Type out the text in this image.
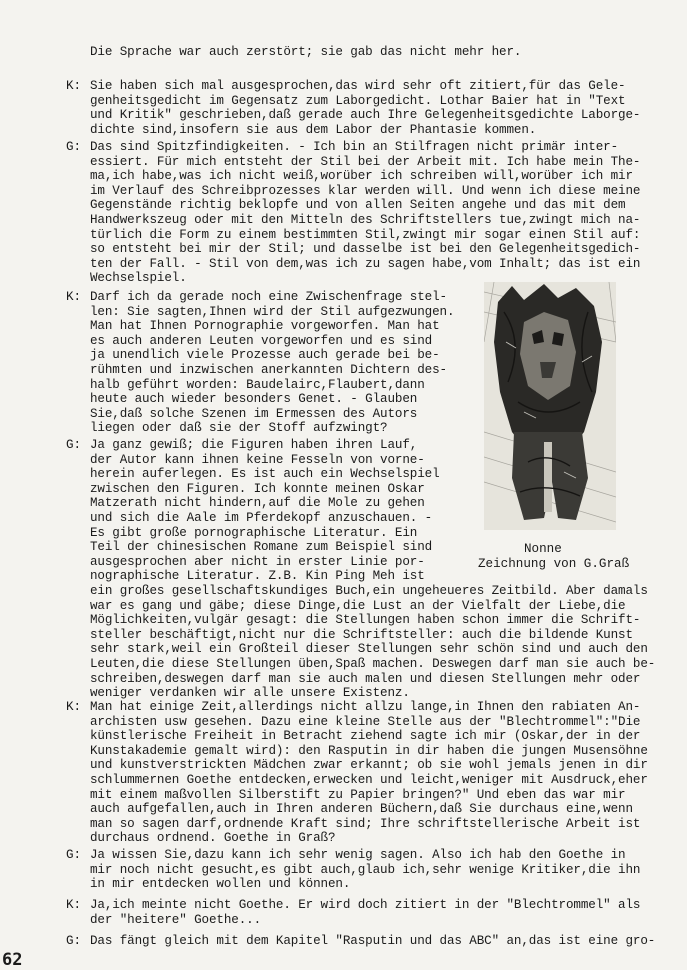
Die Sprache war auch zerstört; sie gab das nicht mehr her.
K: Sie haben sich mal ausgesprochen,das wird sehr oft zitiert,für das Gele-
genheitsgedicht im Gegensatz zum Laborgedicht. Lothar Baier hat in "Text
und Kritik" geschrieben,daß gerade auch Ihre Gelegenheitsgedichte Laborge-
dichte sind,insofern sie aus dem Labor der Phantasie kommen.
G: Das sind Spitzfindigkeiten. - Ich bin an Stilfragen nicht primär inter-
essiert. Für mich entsteht der Stil bei der Arbeit mit. Ich habe mein The-
ma,ich habe,was ich nicht weiß,worüber ich schreiben will,worüber ich mir
im Verlauf des Schreibprozesses klar werden will. Und wenn ich diese meine
Gegenstände richtig beklopfe und von allen Seiten angehe und das mit dem
Handwerkszeug oder mit den Mitteln des Schriftstellers tue,zwingt mich na-
türlich die Form zu einem bestimmten Stil,zwingt mir sogar einen Stil auf:
so entsteht bei mir der Stil; und dasselbe ist bei den Gelegenheitsgedich-
ten der Fall. - Stil von dem,was ich zu sagen habe,vom Inhalt; das ist ein
Wechselspiel.
K: Darf ich da gerade noch eine Zwischenfrage stel-
len: Sie sagten,Ihnen wird der Stil aufgezwungen.
Man hat Ihnen Pornographie vorgeworfen. Man hat
es auch anderen Leuten vorgeworfen und es sind
ja unendlich viele Prozesse auch gerade bei be-
rühmten und inzwischen anerkannten Dichtern des-
halb geführt worden: Baudelairc,Flaubert,dann
heute auch wieder besonders Genet. - Glauben
Sie,daß solche Szenen im Ermessen des Autors
liegen oder daß sie der Stoff aufzwingt?
G: Ja ganz gewiß; die Figuren haben ihren Lauf,
der Autor kann ihnen keine Fesseln von vorne-
herein auferlegen. Es ist auch ein Wechselspiel
zwischen den Figuren. Ich konnte meinen Oskar
Matzerath nicht hindern,auf die Mole zu gehen
und sich die Aale im Pferdekopf anzuschauen. -
Es gibt große pornographische Literatur. Ein
Teil der chinesischen Romane zum Beispiel sind
ausgesprochen aber nicht in erster Linie por-
nographische Literatur. Z.B. Kin Ping Meh ist
ein großes gesellschaftskundiges Buch,ein ungeheueres Zeitbild. Aber damals
war es gang und gäbe; diese Dinge,die Lust an der Vielfalt der Liebe,die
Möglichkeiten,vulgär gesagt: die Stellungen haben schon immer die Schrift-
steller beschäftigt,nicht nur die Schriftsteller: auch die bildende Kunst
sehr stark,weil ein Großteil dieser Stellungen sehr schön sind und auch den
Leuten,die diese Stellungen üben,Spaß machen. Deswegen darf man sie auch be-
schreiben,deswegen darf man sie auch malen und diesen Stellungen mehr oder
weniger verdanken wir alle unsere Existenz.
K: Man hat einige Zeit,allerdings nicht allzu lange,in Ihnen den rabiaten An-
archisten usw gesehen. Dazu eine kleine Stelle aus der "Blechtrommel":"Die
künstlerische Freiheit in Betracht ziehend sagte ich mir (Oskar,der in der
Kunstakademie gemalt wird): den Rasputin in dir haben die jungen Musensöhne
und kunstverstrickten Mädchen zwar erkannt; ob sie wohl jemals jenen in dir
schlummernen Goethe entdecken,erwecken und leicht,weniger mit Ausdruck,eher
mit einem maßvollen Silberstift zu Papier bringen?" Und eben das war mir
auch aufgefallen,auch in Ihren anderen Büchern,daß Sie durchaus eine,wenn
man so sagen darf,ordnende Kraft sind; Ihre schriftstellerische Arbeit ist
durchaus ordnend. Goethe in Graß?
G: Ja wissen Sie,dazu kann ich sehr wenig sagen. Also ich hab den Goethe in
mir noch nicht gesucht,es gibt auch,glaub ich,sehr wenige Kritiker,die ihn
in mir entdecken wollen und können.
K: Ja,ich meinte nicht Goethe. Er wird doch zitiert in der "Blechtrommel" als
der "heitere" Goethe...
G: Das fängt gleich mit dem Kapitel "Rasputin und das ABC" an,das ist eine gro-
Nonne
Zeichnung von G.Graß
62
